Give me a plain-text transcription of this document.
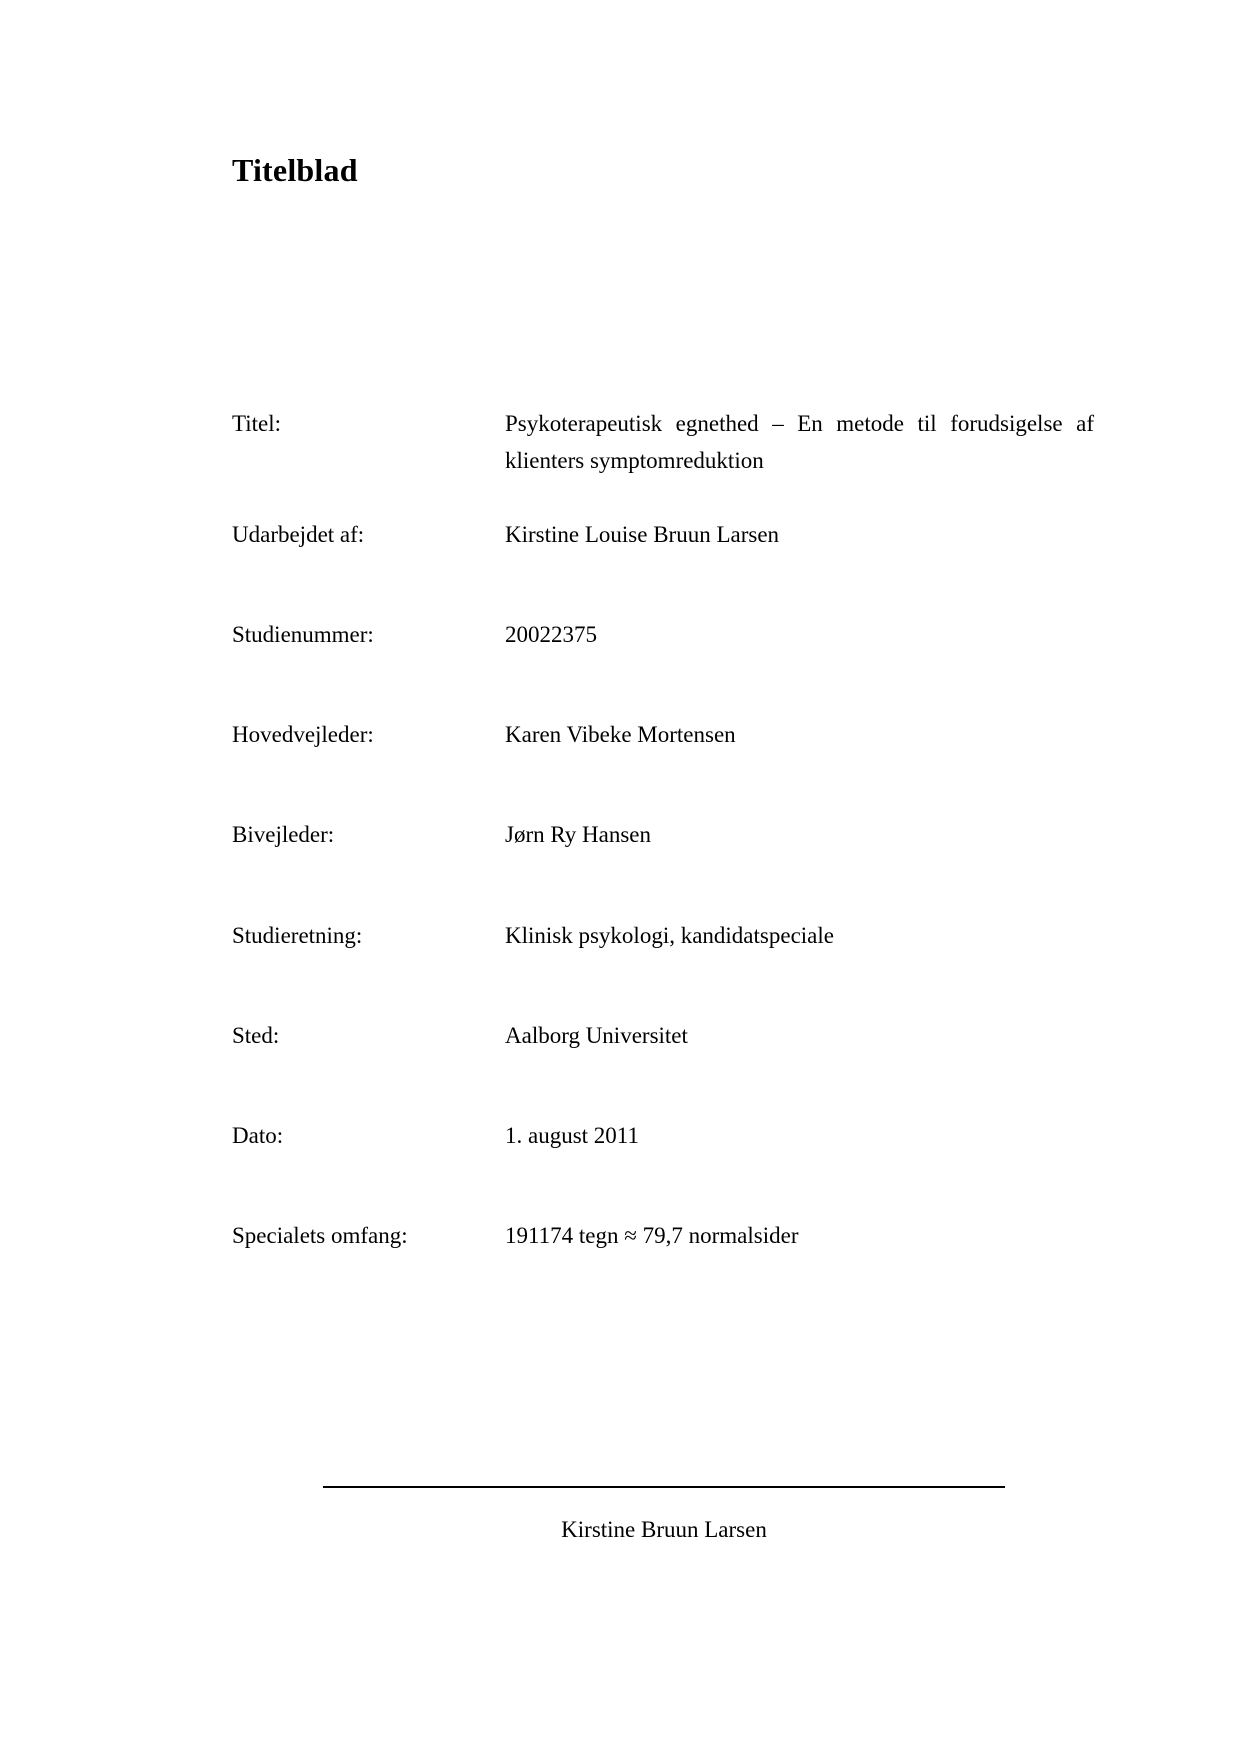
Titelblad
Titel:	Psykoterapeutisk egnethed – En metode til forudsigelse af klienters symptomreduktion
Udarbejdet af:	Kirstine Louise Bruun Larsen
Studienummer:	20022375
Hovedvejleder:	Karen Vibeke Mortensen
Bivejleder:	Jørn Ry Hansen
Studieretning:	Klinisk psykologi, kandidatspeciale
Sted:	Aalborg Universitet
Dato:	1. august 2011
Specialets omfang:	191174 tegn ≈ 79,7 normalsider
Kirstine Bruun Larsen
